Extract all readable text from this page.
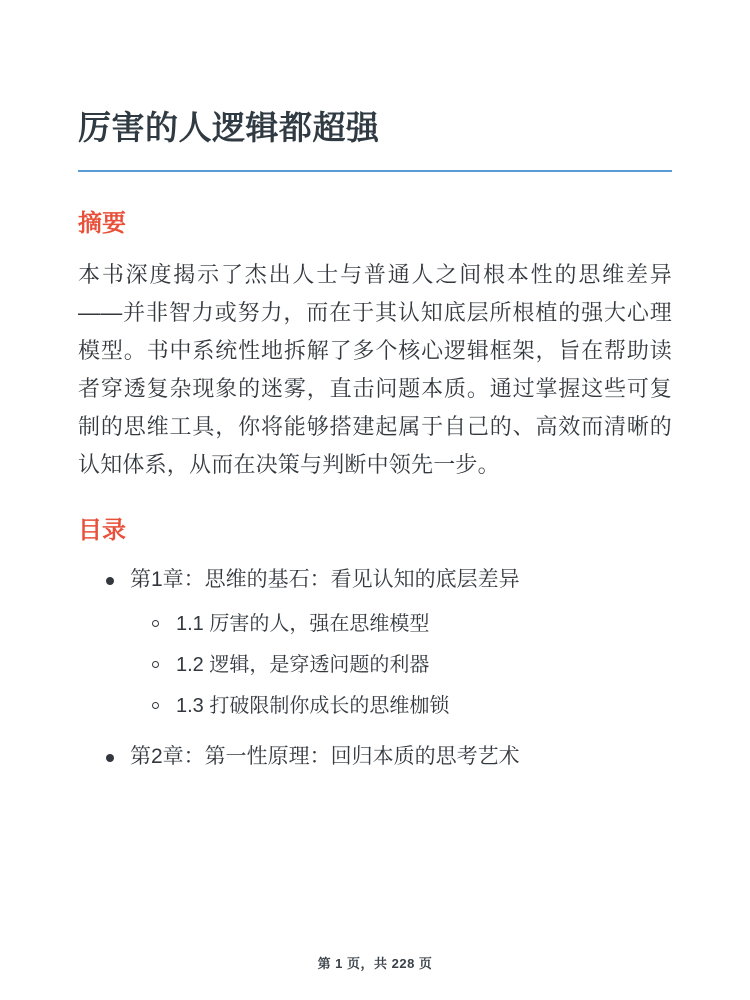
厉害的人逻辑都超强
摘要

本书深度揭示了杰出人士与普通人之间根本性的思维差异——并非智力或努力，而在于其认知底层所根植的强大心理模型。书中系统性地拆解了多个核心逻辑框架，旨在帮助读者穿透复杂现象的迷雾，直击问题本质。通过掌握这些可复制的思维工具，你将能够搭建起属于自己的、高效而清晰的认知体系，从而在决策与判断中领先一步。

目录
第1章：思维的基石：看见认知的底层差异
1.1 厉害的人，强在思维模型
1.2 逻辑，是穿透问题的利器
1.3 打破限制你成长的思维枷锁
第2章：第一性原理：回归本质的思考艺术
第 1 页，共 228 页
